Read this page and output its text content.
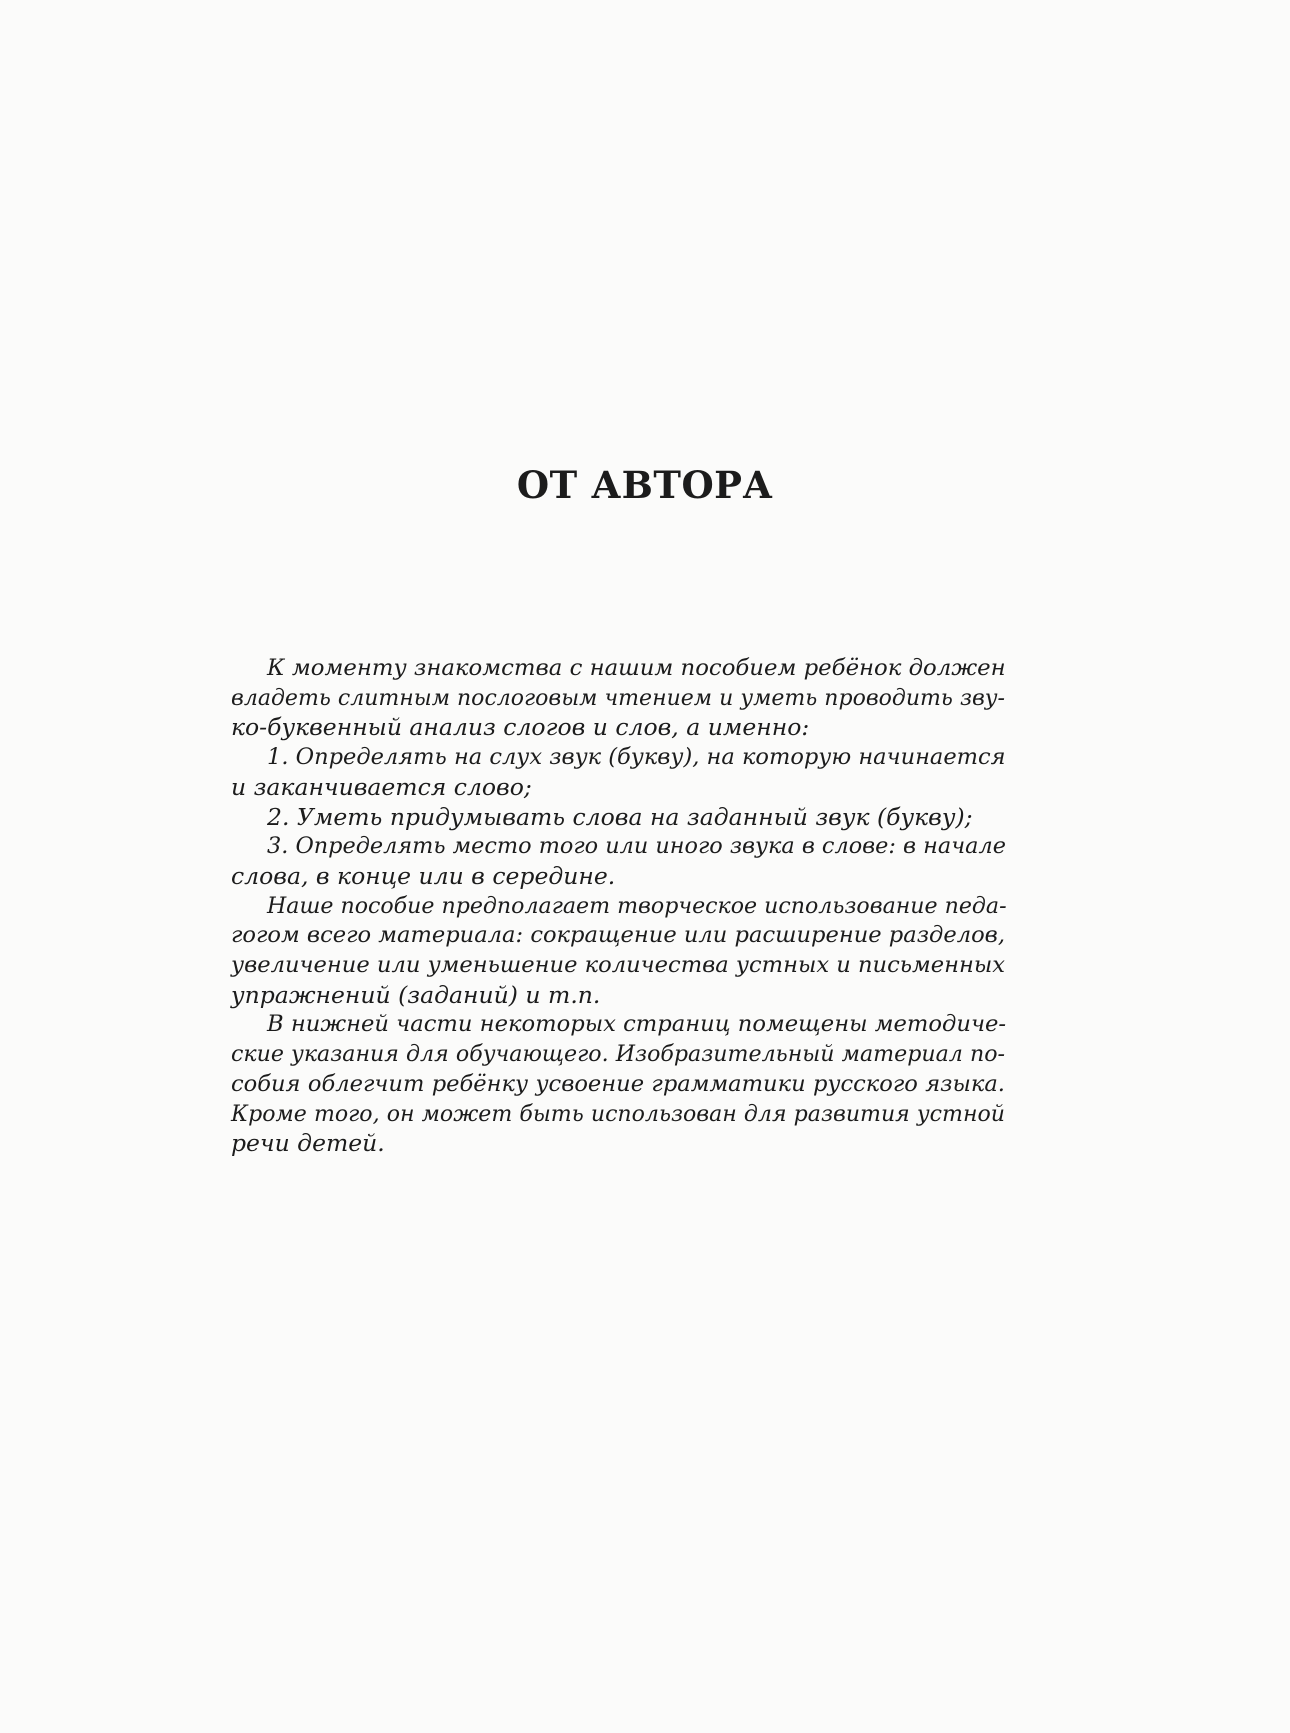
ОТ АВТОРА
К моменту знакомства с нашим пособием ребёнок должен
владеть слитным послоговым чтением и уметь проводить зву-
ко-буквенный анализ слогов и слов, а именно:
1. Определять на слух звук (букву), на которую начинается
и заканчивается слово;
2. Уметь придумывать слова на заданный звук (букву);
3. Определять место того или иного звука в слове: в начале
слова, в конце или в середине.
Наше пособие предполагает творческое использование педа-
гогом всего материала: сокращение или расширение разделов,
увеличение или уменьшение количества устных и письменных
упражнений (заданий) и т.п.
В нижней части некоторых страниц помещены методиче-
ские указания для обучающего. Изобразительный материал по-
собия облегчит ребёнку усвоение грамматики русского языка.
Кроме того, он может быть использован для развития устной
речи детей.
